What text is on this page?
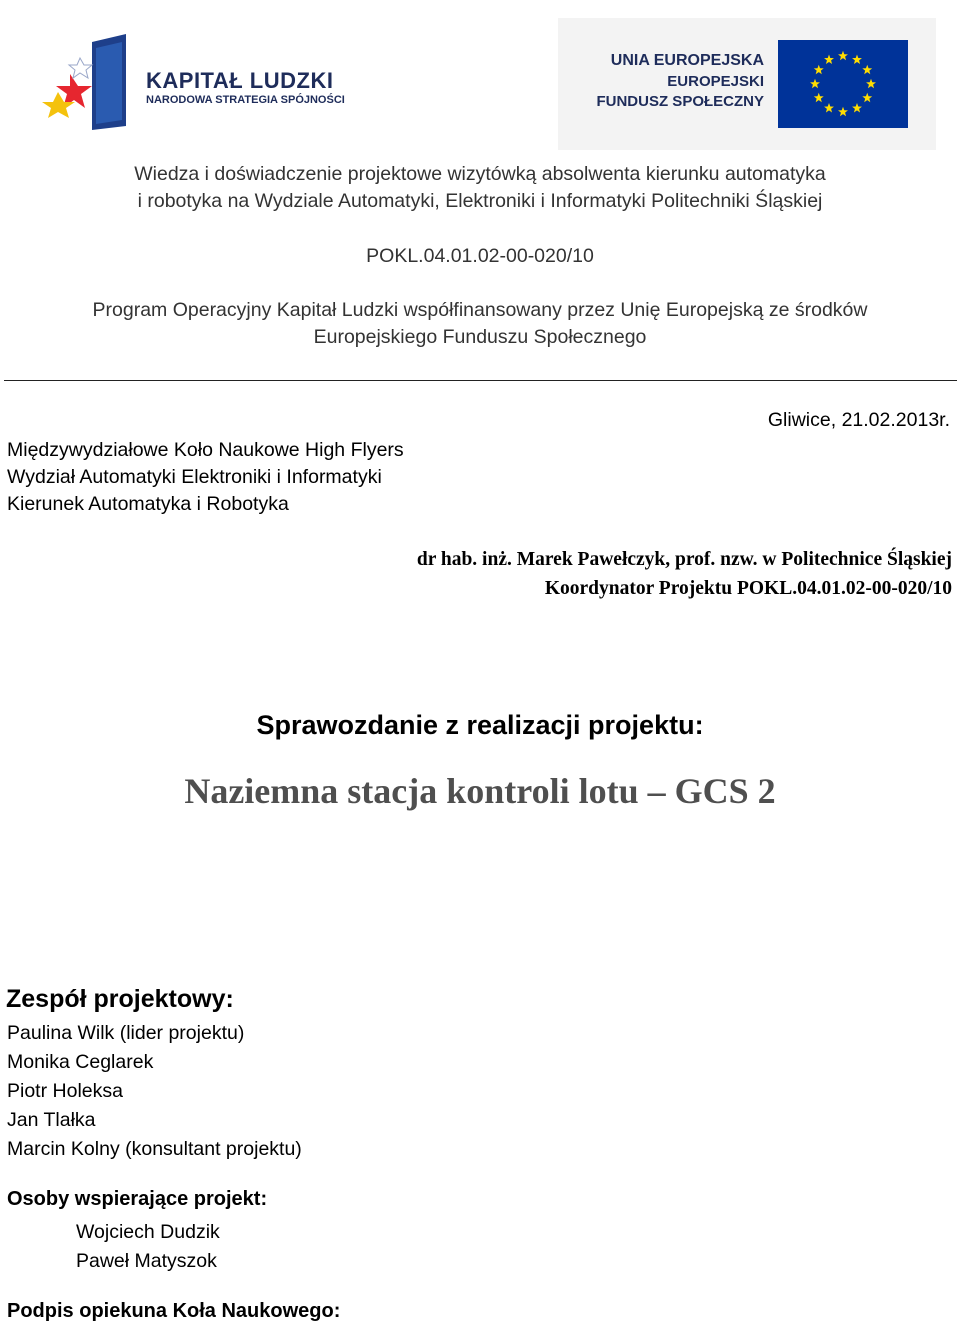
KAPITAŁ LUDZKI
NARODOWA STRATEGIA SPÓJNOŚCI
UNIA EUROPEJSKA
EUROPEJSKI
FUNDUSZ SPOŁECZNY
Wiedza i doświadczenie projektowe wizytówką absolwenta kierunku automatyka
i robotyka na Wydziale Automatyki, Elektroniki i Informatyki Politechniki Śląskiej
POKL.04.01.02-00-020/10
Program Operacyjny Kapitał Ludzki współfinansowany przez Unię Europejską ze środków
Europejskiego Funduszu Społecznego
Międzywydziałowe Koło Naukowe High Flyers
Wydział Automatyki Elektroniki i Informatyki
Kierunek Automatyka i Robotyka
Gliwice, 21.02.2013r.
dr hab. inż. Marek Pawełczyk, prof. nzw. w Politechnice Śląskiej
Koordynator Projektu POKL.04.01.02-00-020/10
Sprawozdanie z realizacji projektu:
Naziemna stacja kontroli lotu – GCS 2
Zespół projektowy:
Paulina Wilk (lider projektu)
Monika Ceglarek
Piotr Holeksa
Jan Tlałka
Marcin Kolny (konsultant projektu)
Osoby wspierające projekt:
Wojciech Dudzik
Paweł Matyszok
Podpis opiekuna Koła Naukowego:
